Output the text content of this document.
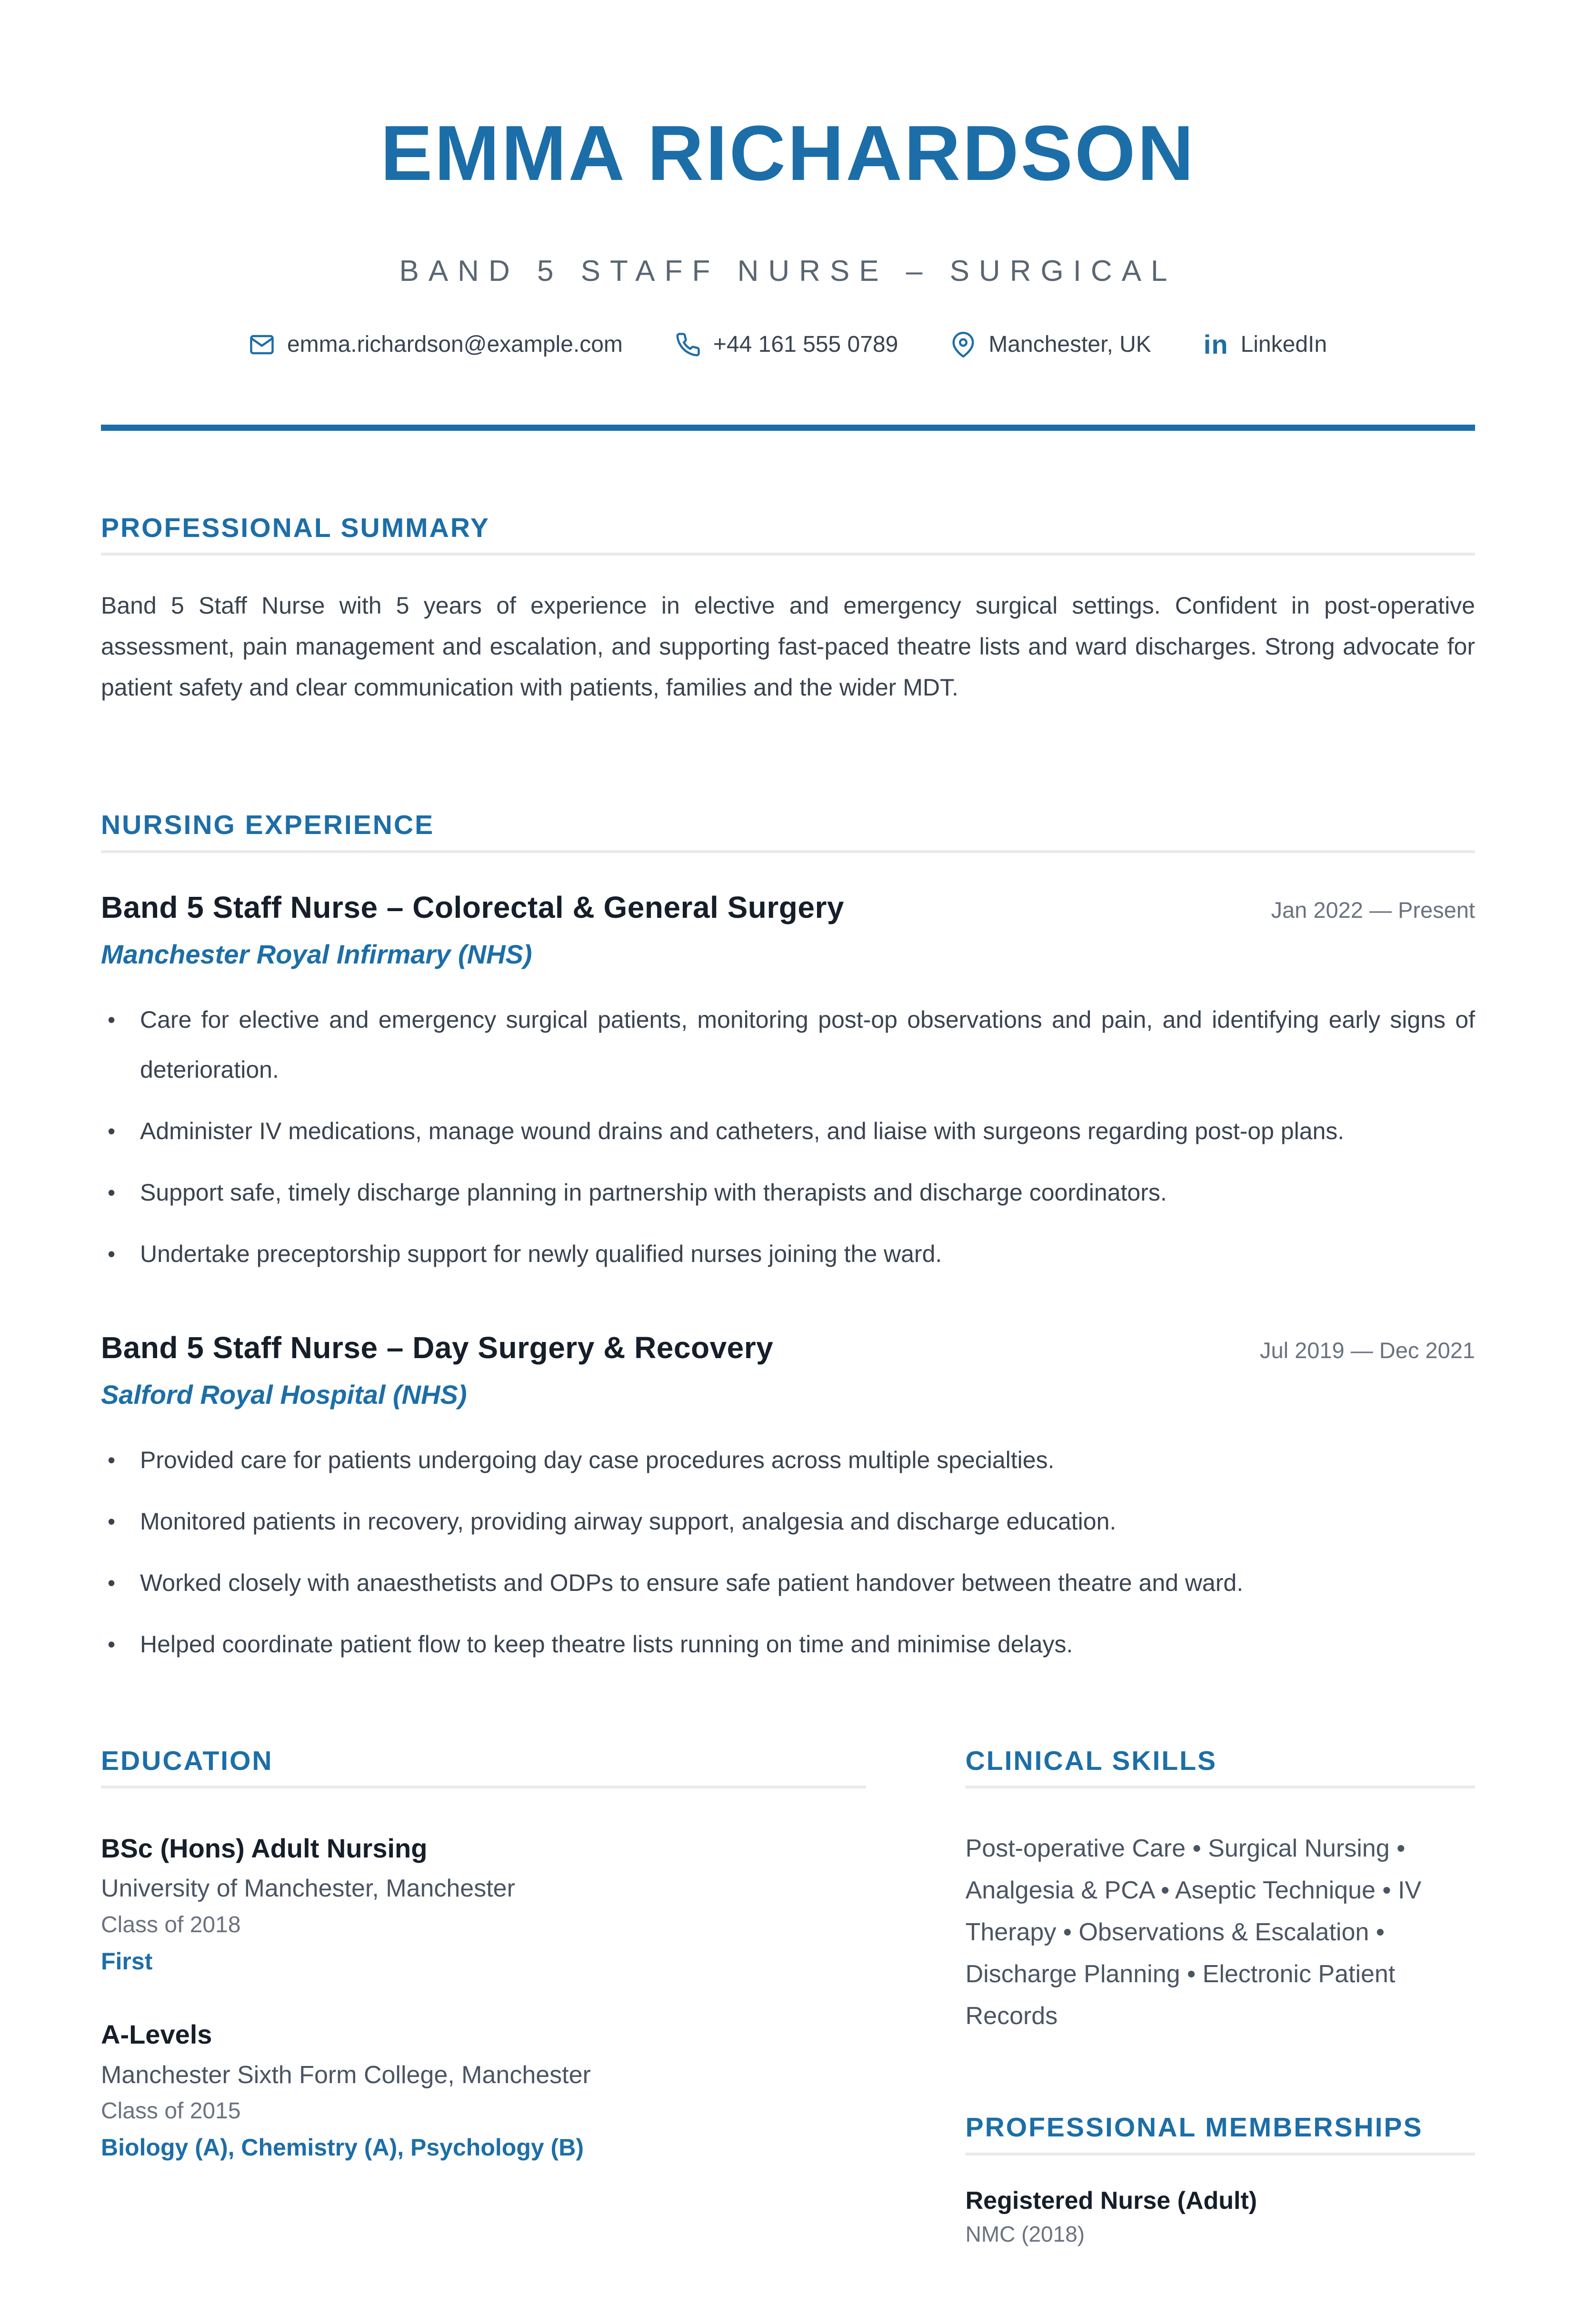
EMMA RICHARDSON
BAND 5 STAFF NURSE – SURGICAL
emma.richardson@example.com	+44 161 555 0789	Manchester, UK in LinkedIn
PROFESSIONAL SUMMARY

Band 5 Staff Nurse with 5 years of experience in elective and emergency surgical settings. Confident in post-operative assessment, pain management and escalation, and supporting fast-paced theatre lists and ward discharges. Strong advocate for patient safety and clear communication with patients, families and the wider MDT.

NURSING EXPERIENCE
Band 5 Staff Nurse – Colorectal & General Surgery	Jan 2022 — Present
Manchester Royal Infirmary (NHS)
• Care for elective and emergency surgical patients, monitoring post-op observations and pain, and identifying early signs of deterioration.
• Administer IV medications, manage wound drains and catheters, and liaise with surgeons regarding post-op plans.
• Support safe, timely discharge planning in partnership with therapists and discharge coordinators.
• Undertake preceptorship support for newly qualified nurses joining the ward.
Band 5 Staff Nurse – Day Surgery & Recovery	Jul 2019 — Dec 2021
Salford Royal Hospital (NHS)
• Provided care for patients undergoing day case procedures across multiple specialties.
• Monitored patients in recovery, providing airway support, analgesia and discharge education.
• Worked closely with anaesthetists and ODPs to ensure safe patient handover between theatre and ward.
• Helped coordinate patient flow to keep theatre lists running on time and minimise delays.
EDUCATION
BSc (Hons) Adult Nursing
University of Manchester, Manchester
Class of 2018
First
A-Levels
Manchester Sixth Form College, Manchester
Class of 2015
Biology (A), Chemistry (A), Psychology (B)
CLINICAL SKILLS

Post-operative Care • Surgical Nursing • Analgesia & PCA • Aseptic Technique • IV Therapy • Observations & Escalation • Discharge Planning • Electronic Patient Records

PROFESSIONAL MEMBERSHIPS
Registered Nurse (Adult)
NMC (2018)
